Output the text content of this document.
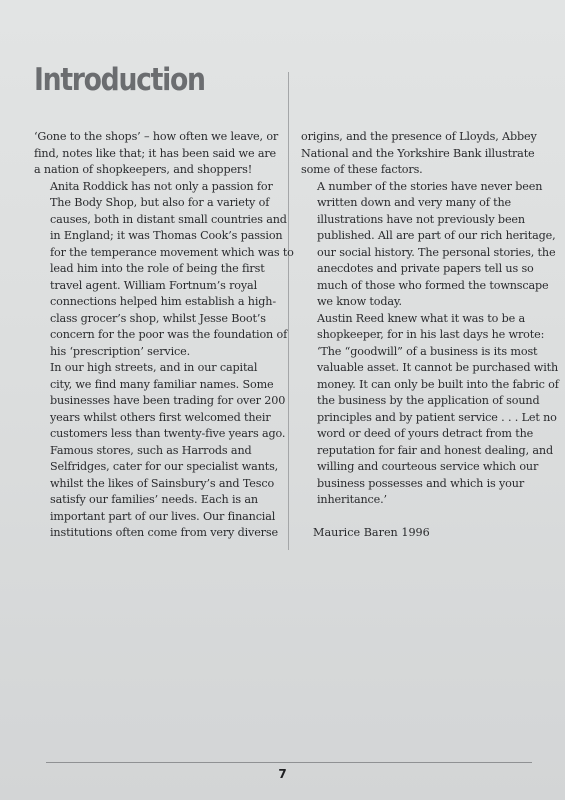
Introduction

‘Gone to the shops’ – how often we leave, or
find, notes like that; it has been said we are
a nation of shopkeepers, and shoppers!

Anita Roddick has not only a passion for
The Body Shop, but also for a variety of
causes, both in distant small countries and
in England; it was Thomas Cook’s passion
for the temperance movement which was to
lead him into the role of being the first
travel agent. William Fortnum’s royal
connections helped him establish a high-
class grocer’s shop, whilst Jesse Boot’s
concern for the poor was the foundation of
his ‘prescription’ service.

In our high streets, and in our capital
city, we find many familiar names. Some
businesses have been trading for over 200
years whilst others first welcomed their
customers less than twenty-five years ago.
Famous stores, such as Harrods and
Selfridges, cater for our specialist wants,
whilst the likes of Sainsbury’s and Tesco
satisfy our families’ needs. Each is an
important part of our lives. Our financial
institutions often come from very diverse

origins, and the presence of Lloyds, Abbey
National and the Yorkshire Bank illustrate
some of these factors.

A number of the stories have never been
written down and very many of the
illustrations have not previously been
published. All are part of our rich heritage,
our social history. The personal stories, the
anecdotes and private papers tell us so
much of those who formed the townscape
we know today.

Austin Reed knew what it was to be a
shopkeeper, for in his last days he wrote:
‘The “goodwill” of a business is its most
valuable asset. It cannot be purchased with
money. It can only be built into the fabric of
the business by the application of sound
principles and by patient service . . . Let no
word or deed of yours detract from the
reputation for fair and honest dealing, and
willing and courteous service which our
business possesses and which is your
inheritance.’

Maurice Baren 1996
7
